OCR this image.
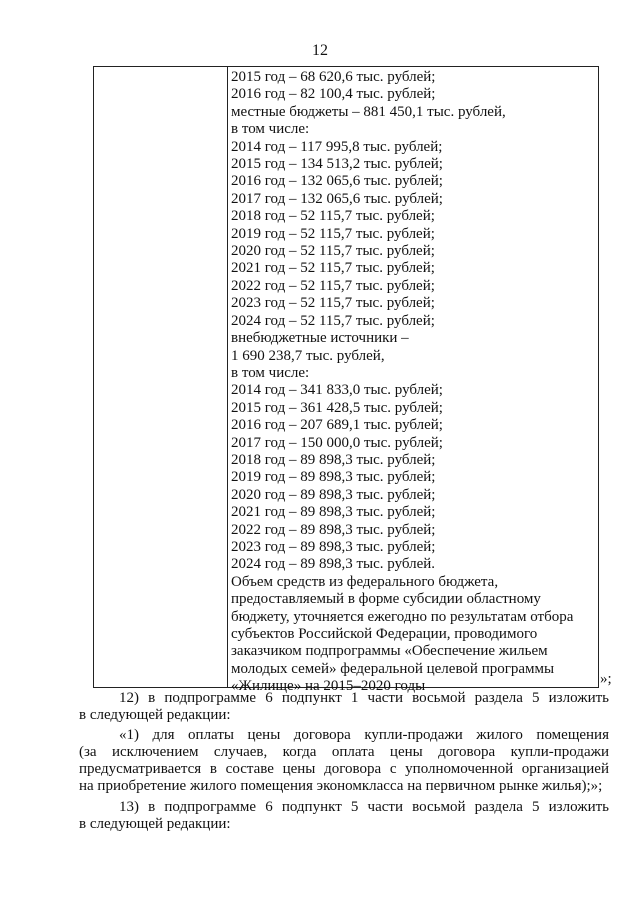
12
2015 год – 68 620,6 тыс. рублей;
2016 год – 82 100,4 тыс. рублей;
местные бюджеты – 881 450,1 тыс. рублей,
в том числе:
2014 год – 117 995,8 тыс. рублей;
2015 год – 134 513,2 тыс. рублей;
2016 год – 132 065,6 тыс. рублей;
2017 год – 132 065,6 тыс. рублей;
2018 год – 52 115,7 тыс. рублей;
2019 год – 52 115,7 тыс. рублей;
2020 год – 52 115,7 тыс. рублей;
2021 год – 52 115,7 тыс. рублей;
2022 год – 52 115,7 тыс. рублей;
2023 год – 52 115,7 тыс. рублей;
2024 год – 52 115,7 тыс. рублей;
внебюджетные источники –
1 690 238,7 тыс. рублей,
в том числе:
2014 год – 341 833,0 тыс. рублей;
2015 год – 361 428,5 тыс. рублей;
2016 год – 207 689,1 тыс. рублей;
2017 год – 150 000,0 тыс. рублей;
2018 год – 89 898,3 тыс. рублей;
2019 год – 89 898,3 тыс. рублей;
2020 год – 89 898,3 тыс. рублей;
2021 год – 89 898,3 тыс. рублей;
2022 год – 89 898,3 тыс. рублей;
2023 год – 89 898,3 тыс. рублей;
2024 год – 89 898,3 тыс. рублей.
Объем средств из федерального бюджета,
предоставляемый в форме субсидии областному
бюджету, уточняется ежегодно по результатам отбора
субъектов Российской Федерации, проводимого
заказчиком подпрограммы «Обеспечение жильем
молодых семей» федеральной целевой программы
«Жилище» на 2015–2020 годы	»;
12) в подпрограмме 6 подпункт 1 части восьмой раздела 5 изложить
в следующей редакции:
«1) для оплаты цены договора купли-продажи жилого помещения
(за исключением случаев, когда оплата цены договора купли-продажи
предусматривается в составе цены договора с уполномоченной организацией
на приобретение жилого помещения экономкласса на первичном рынке жилья);»;
13) в подпрограмме 6 подпункт 5 части восьмой раздела 5 изложить
в следующей редакции:
